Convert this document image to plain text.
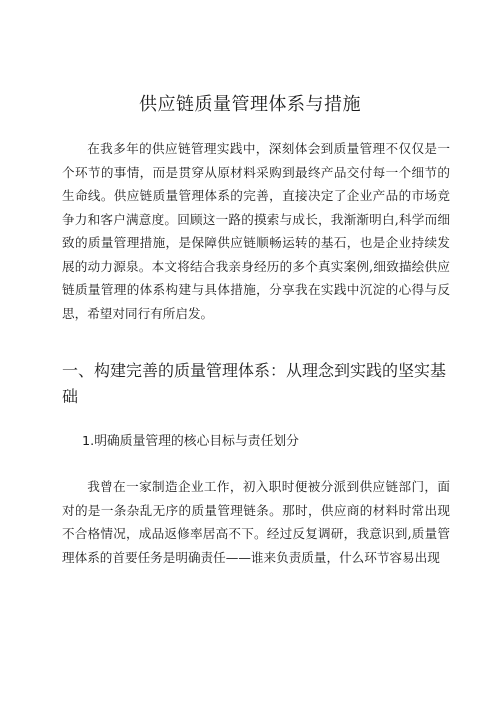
供应链质量管理体系与措施

在我多年的供应链管理实践中，深刻体会到质量管理不仅仅是一个环节的事情，而是贯穿从原材料采购到最终产品交付每一个细节的生命线。供应链质量管理体系的完善，直接决定了企业产品的市场竞争力和客户满意度。回顾这一路的摸索与成长，我渐渐明白,科学而细致的质量管理措施，是保障供应链顺畅运转的基石，也是企业持续发展的动力源泉。本文将结合我亲身经历的多个真实案例,细致描绘供应链质量管理的体系构建与具体措施，分享我在实践中沉淀的心得与反思，希望对同行有所启发。

一、构建完善的质量管理体系：从理念到实践的坚实基础

1.明确质量管理的核心目标与责任划分

我曾在一家制造企业工作，初入职时便被分派到供应链部门，面对的是一条杂乱无序的质量管理链条。那时，供应商的材料时常出现不合格情况，成品返修率居高不下。经过反复调研，我意识到,质量管理体系的首要任务是明确责任——谁来负责质量，什么环节容易出现
